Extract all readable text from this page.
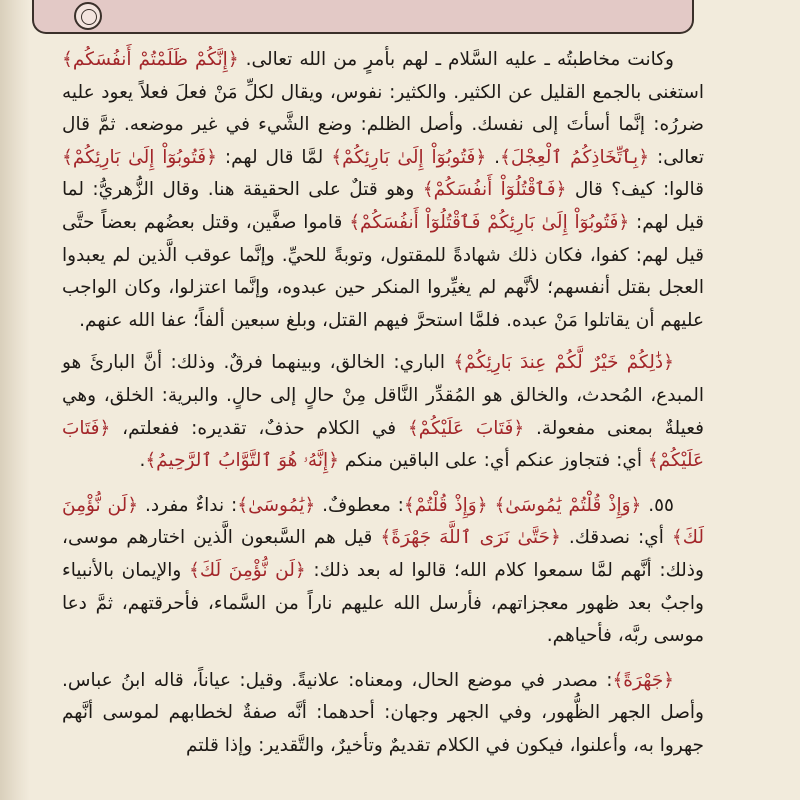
وكانت مخاطبتُه ـ عليه السَّلام ـ لهم بأمرٍ من الله تعالى. ﴿إِنَّكُمْ ظَلَمْتُمْ أَنفُسَكُم﴾ استغنى بالجمع القليل عن الكثير. والكثير: نفوس، ويقال لكلِّ مَنْ فعلَ فعلاً يعود عليه ضررُه: إنَّما أسأتَ إلى نفسك. وأصل الظلم: وضع الشَّيء في غير موضعه. ثمَّ قال تعالى: ﴿بِٱتِّخَاذِكُمُ ٱلْعِجْلَ﴾. ﴿فَتُوبُوٓاْ إِلَىٰ بَارِئِكُمْ﴾ لمَّا قال لهم: ﴿فَتُوبُوٓاْ إِلَىٰ بَارِئِكُمْ﴾ قالوا: كيف؟ قال ﴿فَٱقْتُلُوٓاْ أَنفُسَكُمْ﴾ وهو قتلٌ على الحقيقة هنا. وقال الزُّهريُّ: لما قيل لهم: ﴿فَتُوبُوٓاْ إِلَىٰ بَارِئِكُمْ فَٱقْتُلُوٓاْ أَنفُسَكُمْ﴾ قاموا صفَّين، وقتل بعضُهم بعضاً حتَّى قيل لهم: كفوا، فكان ذلك شهادةً للمقتول، وتوبةً للحيِّ. وإنَّما عوقب الَّذين لم يعبدوا العجل بقتل أنفسهم؛ لأنَّهم لم يغيِّروا المنكر حين عبدوه، وإنَّما اعتزلوا، وكان الواجب عليهم أن يقاتلوا مَنْ عبده. فلمَّا استحرَّ فيهم القتل، وبلغ سبعين ألفاً؛ عفا الله عنهم.

﴿ذَٰلِكُمْ خَيْرٌ لَّكُمْ عِندَ بَارِئِكُمْ﴾ الباري: الخالق، وبينهما فرقٌ. وذلك: أنَّ البارئَ هو المبدع، المُحدث، والخالق هو المُقدِّر النَّاقل مِنْ حالٍ إلى حالٍ. والبرية: الخلق، وهي فعيلةٌ بمعنى مفعولة. ﴿فَتَابَ عَلَيْكُمْ﴾ في الكلام حذفٌ، تقديره: ففعلتم، ﴿فَتَابَ عَلَيْكُمْ﴾ أي: فتجاوز عنكم أي: على الباقين منكم ﴿إِنَّهُۥ هُوَ ٱلتَّوَّابُ ٱلرَّحِيمُ﴾.

٥٥. ﴿وَإِذْ قُلْتُمْ يَٰمُوسَىٰ﴾ ﴿وَإِذْ قُلْتُمْ﴾: معطوفٌ. ﴿يَٰمُوسَىٰ﴾: نداءٌ مفرد. ﴿لَن نُّؤْمِنَ لَكَ﴾ أي: نصدقك. ﴿حَتَّىٰ نَرَى ٱللَّهَ جَهْرَةً﴾ قيل هم السَّبعون الَّذين اختارهم موسى، وذلك: أنَّهم لمَّا سمعوا كلام الله؛ قالوا له بعد ذلك: ﴿لَن نُّؤْمِنَ لَكَ﴾ والإيمان بالأنبياء واجبٌ بعد ظهور معجزاتهم، فأرسل الله عليهم ناراً من السَّماء، فأحرقتهم، ثمَّ دعا موسى ربَّه، فأحياهم.

﴿جَهْرَةً﴾: مصدر في موضع الحال، ومعناه: علانيةً. وقيل: عياناً، قاله ابنُ عباس. وأصل الجهر الظُّهور، وفي الجهر وجهان: أحدهما: أنَّه صفةٌ لخطابهم لموسى أنَّهم جهروا به، وأعلنوا، فيكون في الكلام تقديمٌ وتأخيرٌ، والتَّقدير: وإذا قلتم
